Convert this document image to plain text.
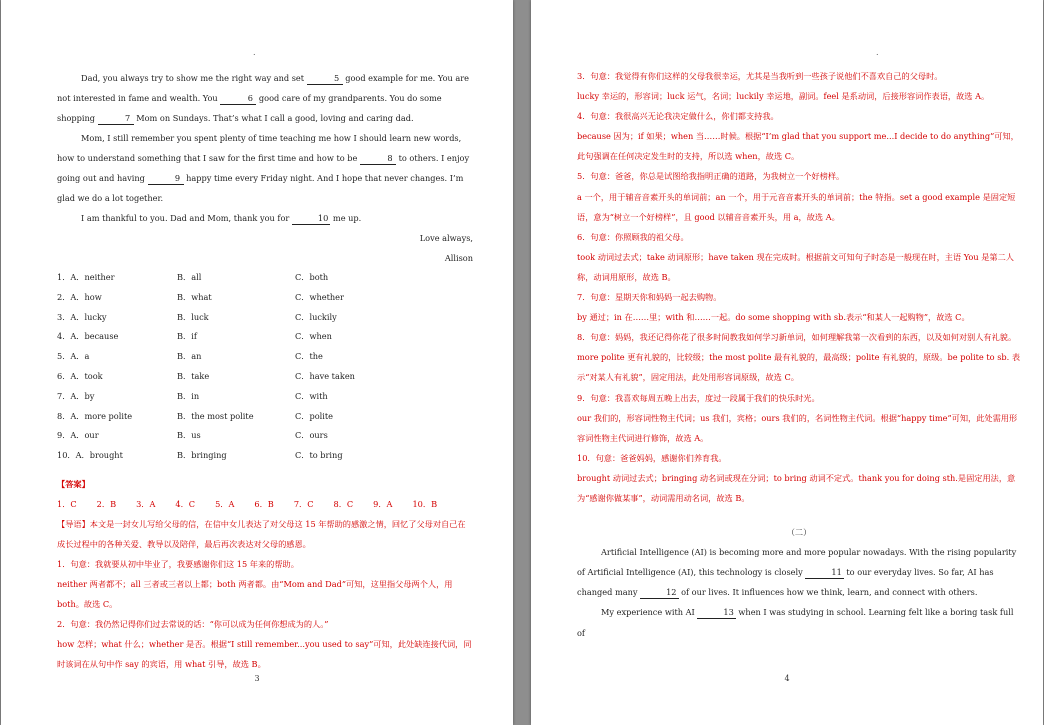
.

Dad, you always try to show me the right way and set	5 good example for me. You are not interested in fame and wealth. You	6 good care of my grandparents. You do some shopping	7 Mom on Sundays. That’s what I call a good, loving and caring dad.

Mom, I still remember you spent plenty of time teaching me how I should learn new words, how to understand something that I saw for the first time and how to be	8 to others. I enjoy going out and having	9 happy time every Friday night. And I hope that never changes. I’m glad we do a lot together.

I am thankful to you. Dad and Mom, thank you for	10 me up.

Love always,

Allison

1．A．neither	B．all	C．both
2．A．how	B．what	C．whether
3．A．lucky	B．luck	C．luckily
4．A．because	B．if	C．when
5．A．a	B．an	C．the
6．A．took	B．take	C．have taken
7．A．by	B．in	C．with
8．A．more polite	B．the most polite	C．polite
9．A．our	B．us	C．ours
10．A．brought	B．bringing	C．to bring

【答案】

1．C 2．B 3．A 4．C 5．A 6．B 7．C 8．C 9．A 10．B

【导语】本文是一封女儿写给父母的信，在信中女儿表达了对父母这 15 年帮助的感激之情，回忆了父母对自己在成长过程中的各种关爱、教导以及陪伴，最后再次表达对父母的感恩。

1．句意：我就要从初中毕业了，我要感谢你们这 15 年来的帮助。

neither 两者都不；all 三者或三者以上都；both 两者都。由“Mom and Dad”可知，这里指父母两个人，用 both。故选 C。

2．句意：我仍然记得你们过去常说的话：“你可以成为任何你想成为的人。”

how 怎样；what 什么；whether 是否。根据“I still remember...you used to say”可知，此处缺连接代词，同时该词在从句中作 say 的宾语，用 what 引导，故选 B。

3
.

3．句意：我觉得有你们这样的父母我很幸运，尤其是当我听到一些孩子说他们不喜欢自己的父母时。

lucky 幸运的，形容词；luck 运气，名词；luckily 幸运地，副词。feel 是系动词，后接形容词作表语，故选 A。

4．句意：我很高兴无论我决定做什么，你们都支持我。

because 因为；if 如果；when 当……时候。根据“I’m glad that you support me...I decide to do anything”可知，此句强调在任何决定发生时的支持，所以选 when，故选 C。

5．句意：爸爸，你总是试图给我指明正确的道路，为我树立一个好榜样。

a 一个，用于辅音音素开头的单词前；an 一个，用于元音音素开头的单词前；the 特指。set a good example 是固定短语，意为“树立一个好榜样”，且 good 以辅音音素开头，用 a，故选 A。

6．句意：你照顾我的祖父母。

took 动词过去式；take 动词原形；have taken 现在完成时。根据前文可知句子时态是一般现在时，主语 You 是第二人称，动词用原形，故选 B。

7．句意：星期天你和妈妈一起去购物。

by 通过；in 在……里；with 和……一起。do some shopping with sb.表示“和某人一起购物”，故选 C。

8．句意：妈妈，我还记得你花了很多时间教我如何学习新单词，如何理解我第一次看到的东西，以及如何对别人有礼貌。

more polite 更有礼貌的，比较级；the most polite 最有礼貌的，最高级；polite 有礼貌的，原级。be polite to sb. 表示“对某人有礼貌”，固定用法，此处用形容词原级，故选 C。

9．句意：我喜欢每周五晚上出去，度过一段属于我们的快乐时光。

our 我们的，形容词性物主代词；us 我们，宾格；ours 我们的，名词性物主代词。根据“happy time”可知，此处需用形容词性物主代词进行修饰，故选 A。

10．句意：爸爸妈妈，感谢你们养育我。

brought 动词过去式；bringing 动名词或现在分词；to bring 动词不定式。thank you for doing sth.是固定用法，意为“感谢你做某事”，动词需用动名词，故选 B。

（二）

Artificial Intelligence (AI) is becoming more and more popular nowadays. With the rising popularity of Artificial Intelligence (AI), this technology is closely	11 to our everyday lives. So far, AI has changed many	12 of our lives. It influences how we think, learn, and connect with others.

My experience with AI	13 when I was studying in school. Learning felt like a boring task full of

4
